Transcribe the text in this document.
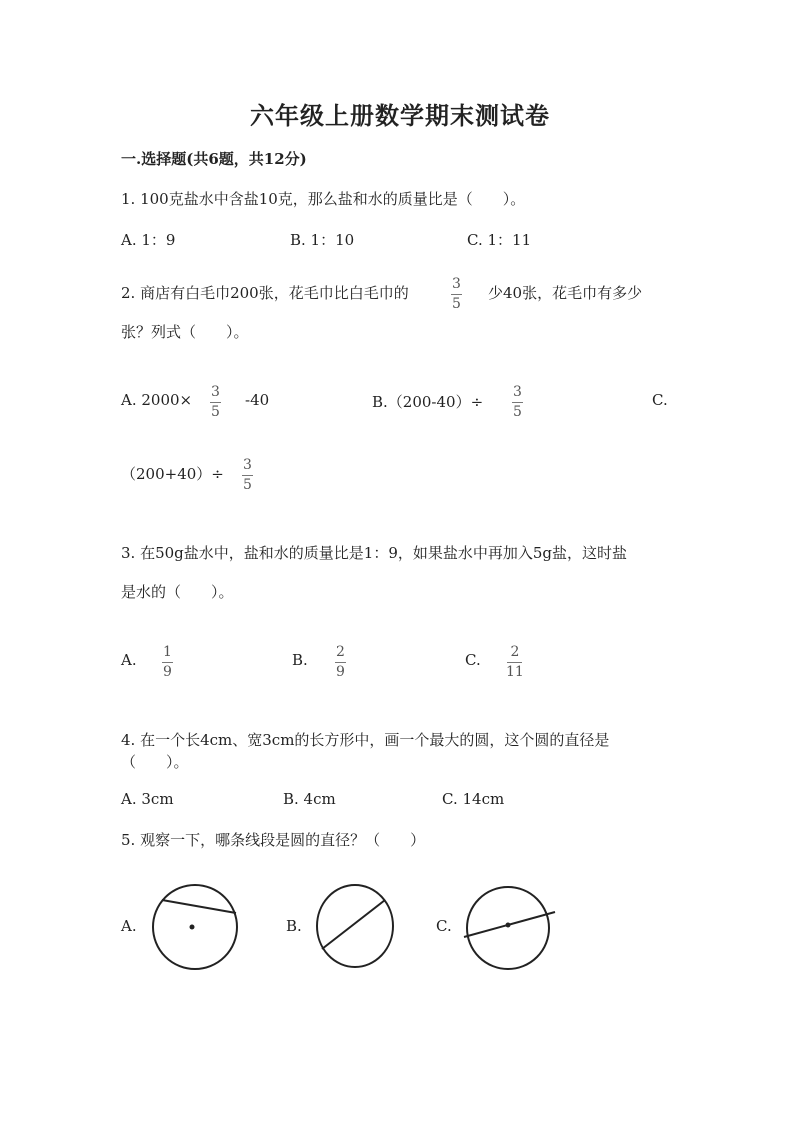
六年级上册数学期末测试卷
一.选择题(共6题，共12分)
1. 100克盐水中含盐10克，那么盐和水的质量比是（　　）。
A. 1：9	B. 1：10	C. 1：11
2. 商店有白毛巾200张，花毛巾比白毛巾的	3
5
少40张，花毛巾有多少
张？列式（　　）。
A. 2000× 3
5
-40	B.（200-40）÷
3
5
C.
（200+40）÷ 3
5
3. 在50g盐水中，盐和水的质量比是1：9，如果盐水中再加入5g盐，这时盐
是水的（　　）。
A. 1
9
B. 2
9
C. 2
11
4. 在一个长4cm、宽3cm的长方形中，画一个最大的圆，这个圆的直径是
（　　）。
A. 3cm	B. 4cm	C. 14cm
5. 观察一下，哪条线段是圆的直径？（　　）
A.	B.	C.
